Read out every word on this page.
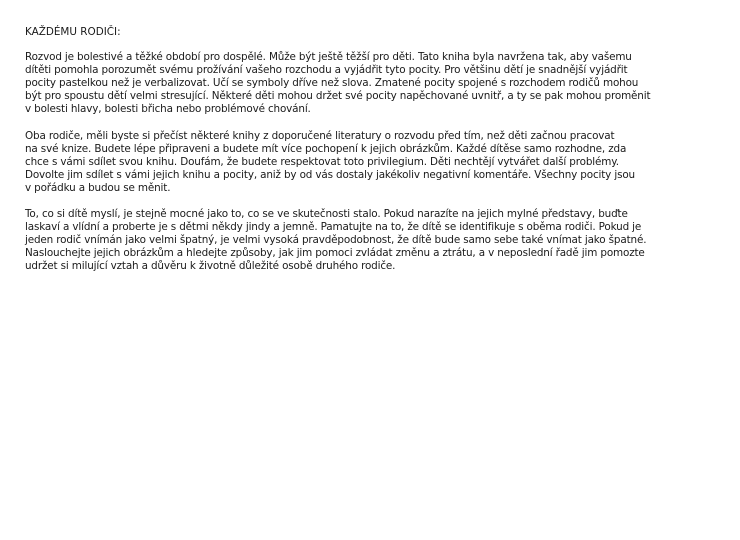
KAŽDÉMU RODIČI:
Rozvod je bolestivé a těžké období pro dospělé. Může být ještě těžší pro děti. Tato kniha byla navržena tak, aby vašemu
dítěti pomohla porozumět svému prožívání vašeho rozchodu a vyjádřit tyto pocity. Pro většinu dětí je snadnější vyjádřit
pocity pastelkou než je verbalizovat. Učí se symboly dříve než slova. Zmatené pocity spojené s rozchodem rodičů mohou
být pro spoustu dětí velmi stresující. Některé děti mohou držet své pocity napěchované uvnitř, a ty se pak mohou proměnit
v bolesti hlavy, bolesti břicha nebo problémové chování.
Oba rodiče, měli byste si přečíst některé knihy z doporučené literatury o rozvodu před tím, než děti začnou pracovat
na své knize. Budete lépe připraveni a budete mít více pochopení k jejich obrázkům. Každé dítěse samo rozhodne, zda
chce s vámi sdílet svou knihu. Doufám, že budete respektovat toto privilegium. Děti nechtějí vytvářet další problémy.
Dovolte jim sdílet s vámi jejich knihu a pocity, aniž by od vás dostaly jakékoliv negativní komentáře. Všechny pocity jsou
v pořádku a budou se měnit.
To, co si dítě myslí, je stejně mocné jako to, co se ve skutečnosti stalo. Pokud narazíte na jejich mylné představy, buďte
laskaví a vlídní a proberte je s dětmi někdy jindy a jemně. Pamatujte na to, že dítě se identifikuje s oběma rodiči. Pokud je
jeden rodič vnímán jako velmi špatný, je velmi vysoká pravděpodobnost, že dítě bude samo sebe také vnímat jako špatné.
Naslouchejte jejich obrázkům a hledejte způsoby, jak jim pomoci zvládat změnu a ztrátu, a v neposlední řadě jim pomozte
udržet si milující vztah a důvěru k životně důležité osobě druhého rodiče.
